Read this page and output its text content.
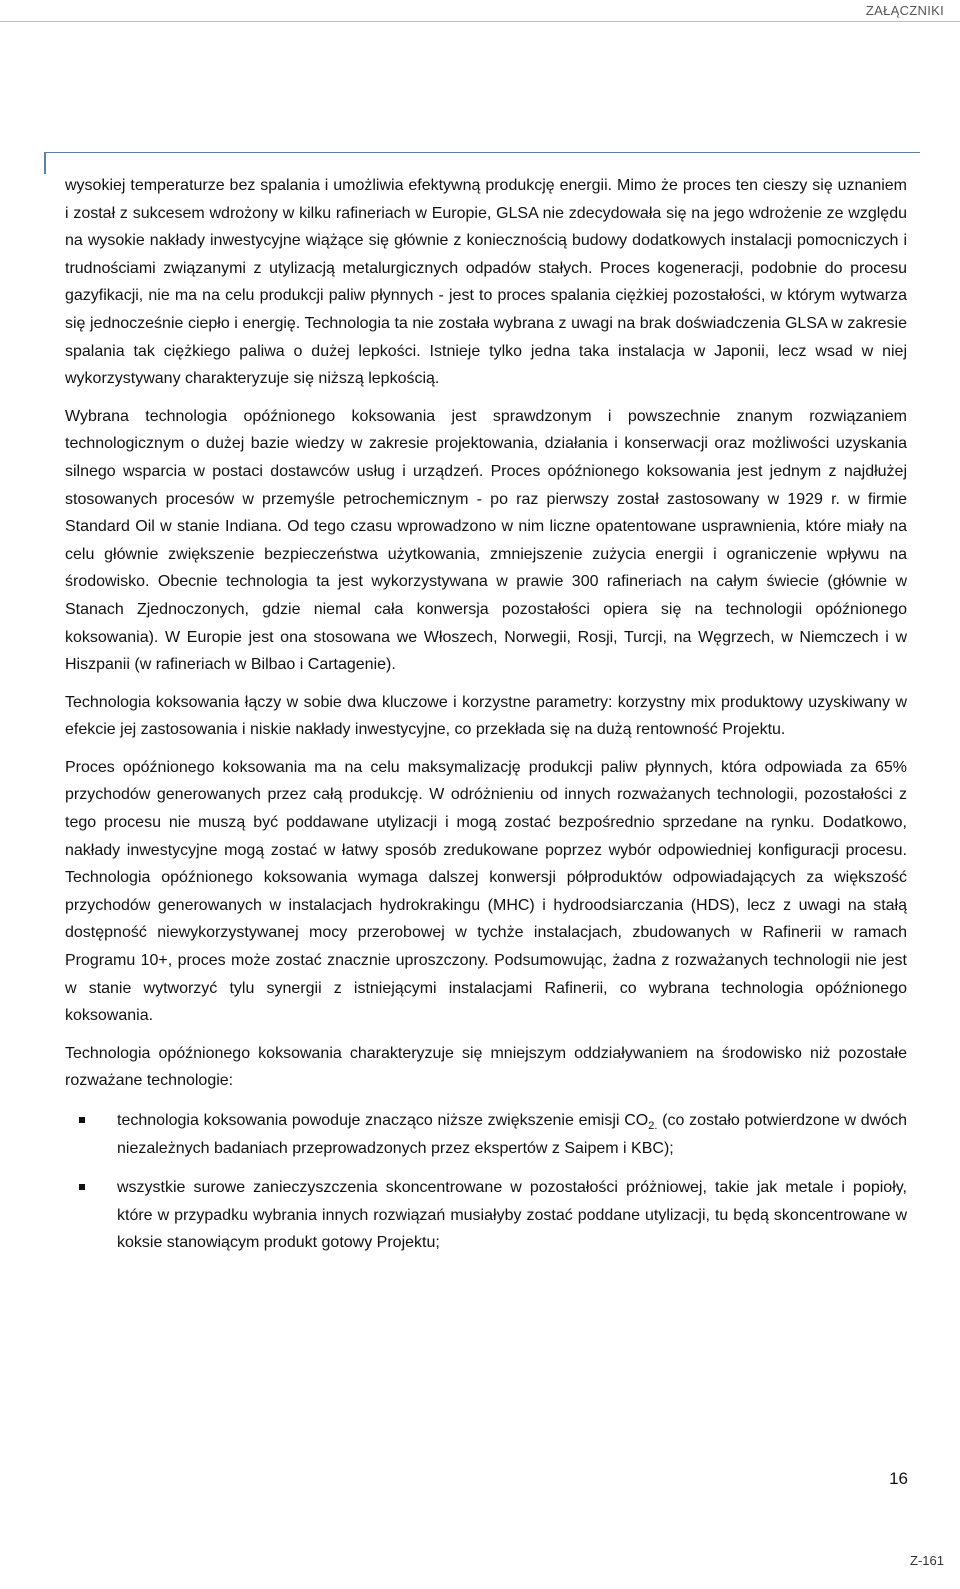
ZAŁĄCZNIKI

wysokiej temperaturze bez spalania i umożliwia efektywną produkcję energii. Mimo że proces ten cieszy się uznaniem i został z sukcesem wdrożony w kilku rafineriach w Europie, GLSA nie zdecydowała się na jego wdrożenie ze względu na wysokie nakłady inwestycyjne wiążące się głównie z koniecznością budowy dodatkowych instalacji pomocniczych i trudnościami związanymi z utylizacją metalurgicznych odpadów stałych. Proces kogeneracji, podobnie do procesu gazyfikacji, nie ma na celu produkcji paliw płynnych - jest to proces spalania ciężkiej pozostałości, w którym wytwarza się jednocześnie ciepło i energię. Technologia ta nie została wybrana z uwagi na brak doświadczenia GLSA w zakresie spalania tak ciężkiego paliwa o dużej lepkości. Istnieje tylko jedna taka instalacja w Japonii, lecz wsad w niej wykorzystywany charakteryzuje się niższą lepkością.

Wybrana technologia opóźnionego koksowania jest sprawdzonym i powszechnie znanym rozwiązaniem technologicznym o dużej bazie wiedzy w zakresie projektowania, działania i konserwacji oraz możliwości uzyskania silnego wsparcia w postaci dostawców usług i urządzeń. Proces opóźnionego koksowania jest jednym z najdłużej stosowanych procesów w przemyśle petrochemicznym - po raz pierwszy został zastosowany w 1929 r. w firmie Standard Oil w stanie Indiana. Od tego czasu wprowadzono w nim liczne opatentowane usprawnienia, które miały na celu głównie zwiększenie bezpieczeństwa użytkowania, zmniejszenie zużycia energii i ograniczenie wpływu na środowisko. Obecnie technologia ta jest wykorzystywana w prawie 300 rafineriach na całym świecie (głównie w Stanach Zjednoczonych, gdzie niemal cała konwersja pozostałości opiera się na technologii opóźnionego koksowania). W Europie jest ona stosowana we Włoszech, Norwegii, Rosji, Turcji, na Węgrzech, w Niemczech i w Hiszpanii (w rafineriach w Bilbao i Cartagenie).

Technologia koksowania łączy w sobie dwa kluczowe i korzystne parametry: korzystny mix produktowy uzyskiwany w efekcie jej zastosowania i niskie nakłady inwestycyjne, co przekłada się na dużą rentowność Projektu.

Proces opóźnionego koksowania ma na celu maksymalizację produkcji paliw płynnych, która odpowiada za 65% przychodów generowanych przez całą produkcję. W odróżnieniu od innych rozważanych technologii, pozostałości z tego procesu nie muszą być poddawane utylizacji i mogą zostać bezpośrednio sprzedane na rynku. Dodatkowo, nakłady inwestycyjne mogą zostać w łatwy sposób zredukowane poprzez wybór odpowiedniej konfiguracji procesu. Technologia opóźnionego koksowania wymaga dalszej konwersji półproduktów odpowiadających za większość przychodów generowanych w instalacjach hydrokrakingu (MHC) i hydroodsiarczania (HDS), lecz z uwagi na stałą dostępność niewykorzystywanej mocy przerobowej w tychże instalacjach, zbudowanych w Rafinerii w ramach Programu 10+, proces może zostać znacznie uproszczony. Podsumowując, żadna z rozważanych technologii nie jest w stanie wytworzyć tylu synergii z istniejącymi instalacjami Rafinerii, co wybrana technologia opóźnionego koksowania.

Technologia opóźnionego koksowania charakteryzuje się mniejszym oddziaływaniem na środowisko niż pozostałe rozważane technologie:

technologia koksowania powoduje znacząco niższe zwiększenie emisji $CO_{2.}$ (co zostało potwierdzone w dwóch niezależnych badaniach przeprowadzonych przez ekspertów z Saipem i KBC);
wszystkie surowe zanieczyszczenia skoncentrowane w pozostałości próżniowej, takie jak metale i popioły, które w przypadku wybrania innych rozwiązań musiałyby zostać poddane utylizacji, tu będą skoncentrowane w koksie stanowiącym produkt gotowy Projektu;
16
Z-161
